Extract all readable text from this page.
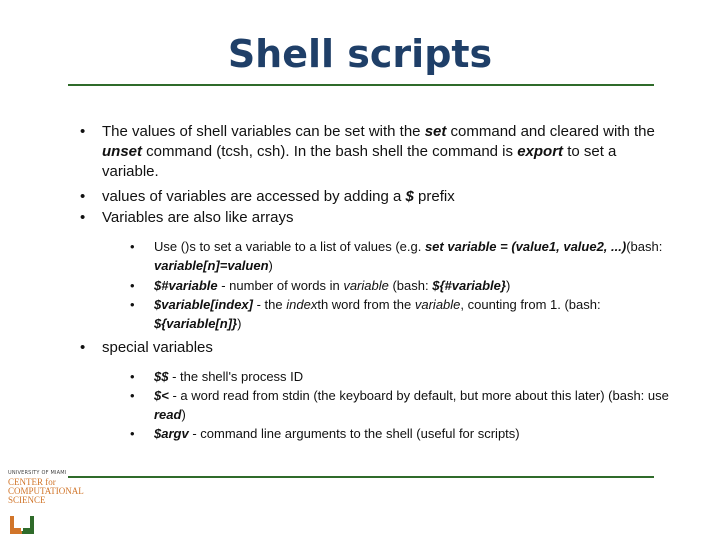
Shell scripts
• The values of shell variables can be set with the set command and cleared with the unset command (tcsh, csh). In the bash shell the command is export to set a variable.
• values of variables are accessed by adding a $ prefix
• Variables are also like arrays
• Use ()s to set a variable to a list of values (e.g. set variable = (value1, value2, ...)(bash: variable[n]=valuen)
• $#variable - number of words in variable (bash: ${#variable})
• $variable[index] - the indexth word from the variable, counting from 1. (bash: ${variable[n]})
• special variables
• $$ - the shell's process ID
• $< - a word read from stdin (the keyboard by default, but more about this later) (bash: use read)
• $argv - command line arguments to the shell (useful for scripts)
UNIVERSITY OF MIAMI
CENTER for
COMPUTATIONAL
SCIENCE
